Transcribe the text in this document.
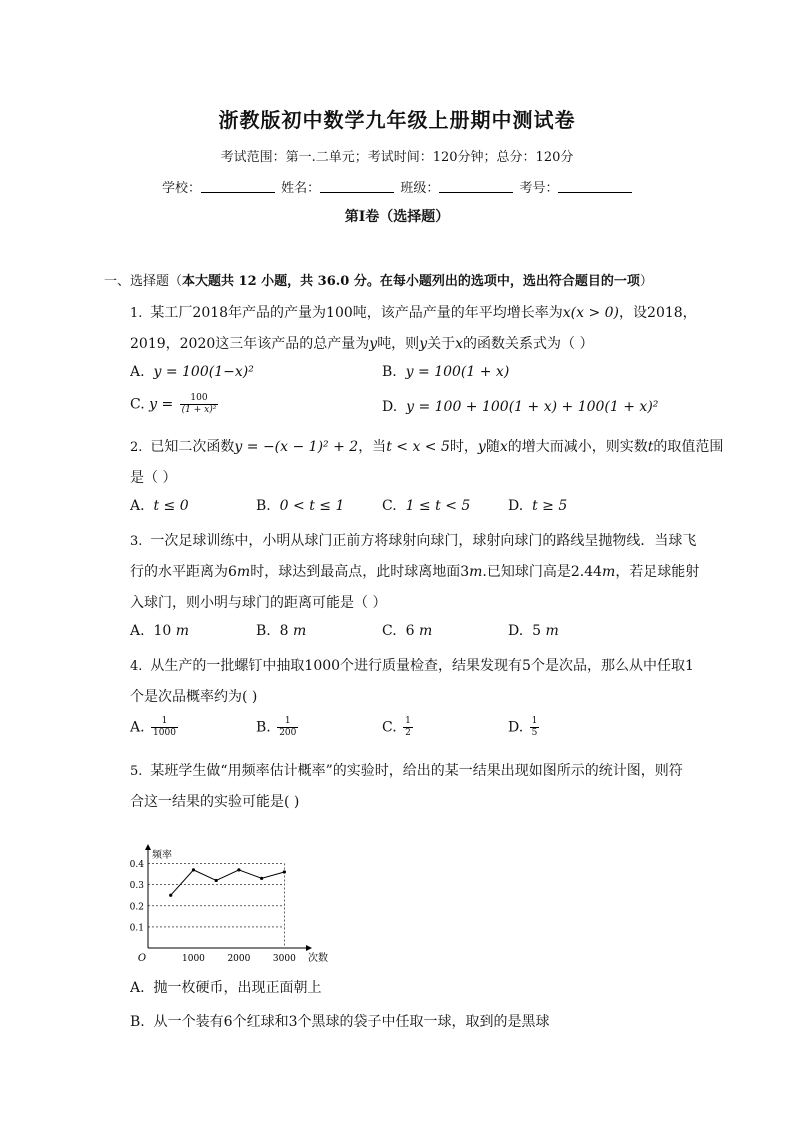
浙教版初中数学九年级上册期中测试卷
考试范围：第一.二单元；考试时间：120分钟；总分：120分
学校：	姓名：	班级：	考号：
第I卷（选择题）
一、选择题（本大题共 12 小题，共 36.0 分。在每小题列出的选项中，选出符合题目的一项）
1. 某工厂2018年产品的产量为100吨，该产品产量的年平均增长率为x(x > 0)，设2018，
2019，2020这三年该产品的总产量为y吨，则y关于x的函数关系式为（ ）
A. y = 100(1−x)²	B. y = 100(1 + x)
C. $y = \frac{100}{\text{(1 + x)²}}$	D. y = 100 + 100(1 + x) + 100(1 + x)²
2. 已知二次函数y = −(x − 1)² + 2，当t < x < 5时，y随x的增大而减小，则实数t的取值范围
是（ ）
A. t ≤ 0	B. 0 < t ≤ 1	C. 1 ≤ t < 5	D. t ≥ 5
3. 一次足球训练中，小明从球门正前方将球射向球门，球射向球门的路线呈抛物线．当球飞
行的水平距离为6m时，球达到最高点，此时球离地面3m.已知球门高是2.44m，若足球能射
入球门，则小明与球门的距离可能是（ ）
A. 10 m	B. 8 m	C. 6 m	D. 5 m
4. 从生产的一批螺钉中抽取1000个进行质量检查，结果发现有5个是次品，那么从中任取1
个是次品概率约为( )
A. $\frac{1}{1000}$	B. $\frac{1}{200}$	C. $\frac{1}{2}$	D. $\frac{1}{5}$
5. 某班学生做“用频率估计概率”的实验时，给出的某一结果出现如图所示的统计图，则符
合这一结果的实验可能是( )
频率
次数
O
0.1
0.2
0.3
0.4
1000	2000	3000
A. 抛一枚硬币，出现正面朝上
B. 从一个装有6个红球和3个黑球的袋子中任取一球，取到的是黑球
